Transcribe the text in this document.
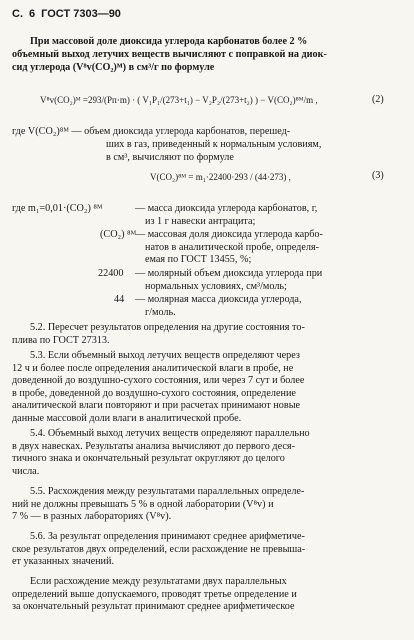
С. 6 ГОСТ 7303—90
При массовой доле диоксида углерода карбонатов более 2 %
объемный выход летучих веществ вычисляют с поправкой на диок-
сид углерода (V⁸v(CO₂)ᴹ) в см³/г по формуле
V⁸v(CO₂)ᴹ = 293/(Pп·m) · ( V₁P₁/(273+t₁) − V₂P₂/(273+t₂) ) − V(CO₂)⁸ᴹ/m ,	(2)
где V(CO₂)⁸ᴹ — объем диоксида углерода карбонатов, перешед-
ших в газ, приведенный к нормальным условиям,
в см³, вычисляют по формуле
V(CO₂)⁸ᴹ = m₁·22400·293 / (44·273) ,	(3)
где m₁=0,01·(CO₂) ⁸ᴹ	— масса диоксида углерода карбонатов, г,
из 1 г навески антрацита;
(CO₂) ⁸ᴹ
— массовая доля диоксида углерода карбо-
натов в аналитической пробе, определя-
емая по ГОСТ 13455, %;
22400 — молярный объем диоксида углерода при
нормальных условиях, см³/моль;
44 — молярная масса диоксида углерода,
г/моль.
5.2. Пересчет результатов определения на другие состояния то-
плива по ГОСТ 27313.
5.3. Если объемный выход летучих веществ определяют через
12 ч и более после определения аналитической влаги в пробе, не
доведенной до воздушно-сухого состояния, или через 7 сут и более
в пробе, доведенной до воздушно-сухого состояния, определение
аналитической влаги повторяют и при расчетах принимают новые
данные массовой доли влаги в аналитической пробе.
5.4. Объемный выход летучих веществ определяют параллельно
в двух навесках. Результаты анализа вычисляют до первого деся-
тичного знака и окончательный результат округляют до целого
числа.
5.5. Расхождения между результатами параллельных определе-
ний не должны превышать 5 % в одной лаборатории (V⁸v) и
7 % — в разных лабораториях (V⁸v).
5.6. За результат определения принимают среднее арифметиче-
ское результатов двух определений, если расхождение не превыша-
ет указанных значений.
Если расхождение между результатами двух параллельных
определений выше допускаемого, проводят третье определение и
за окончательный результат принимают среднее арифметическое
